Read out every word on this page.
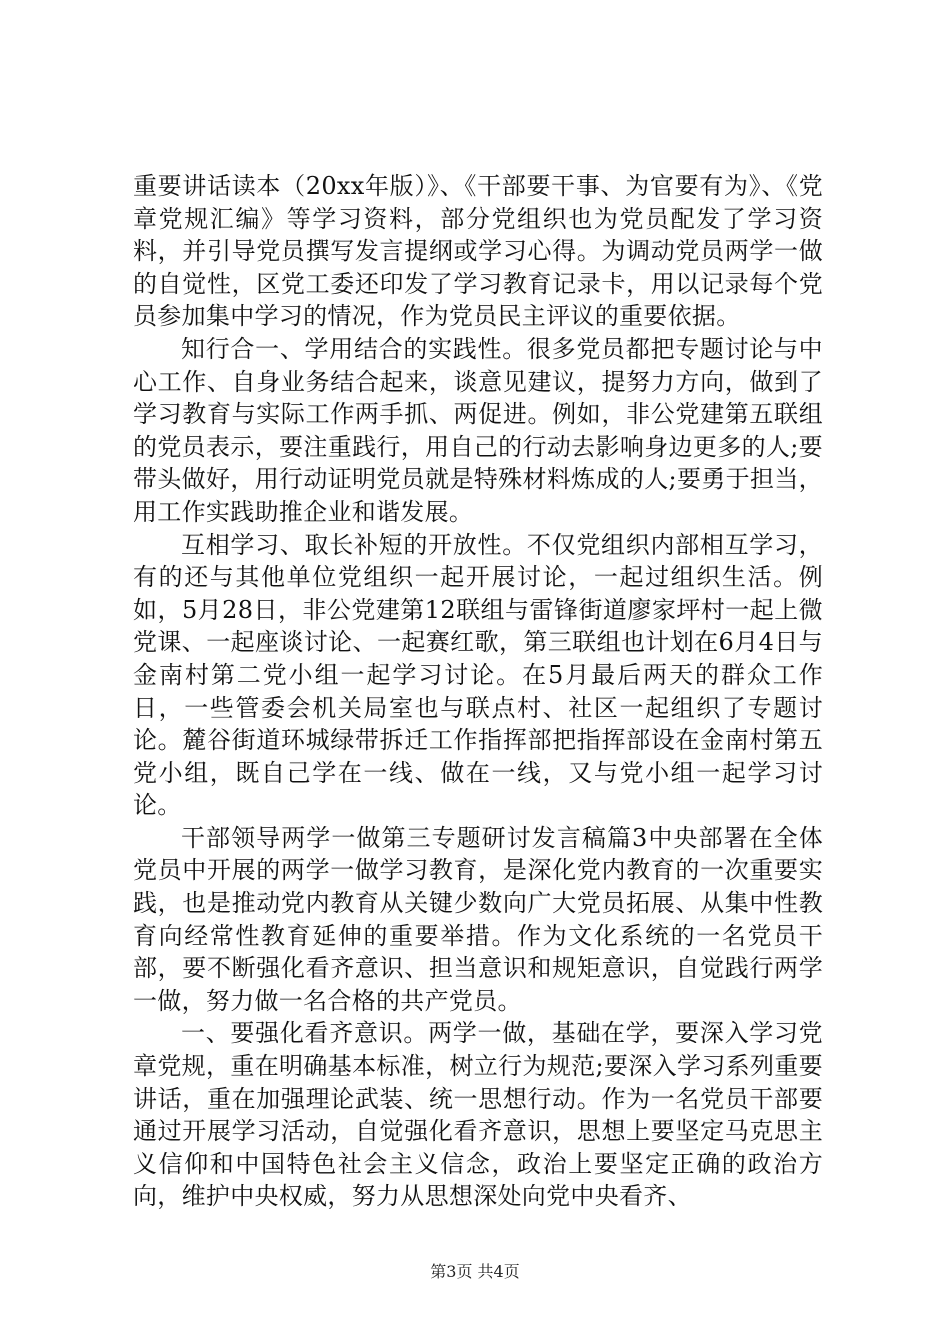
重要讲话读本（20xx年版）》、《干部要干事、为官要有为》、《党章党规汇编》等学习资料，部分党组织也为党员配发了学习资料，并引导党员撰写发言提纲或学习心得。为调动党员两学一做的自觉性，区党工委还印发了学习教育记录卡，用以记录每个党员参加集中学习的情况，作为党员民主评议的重要依据。

知行合一、学用结合的实践性。很多党员都把专题讨论与中心工作、自身业务结合起来，谈意见建议，提努力方向，做到了学习教育与实际工作两手抓、两促进。例如，非公党建第五联组的党员表示，要注重践行，用自己的行动去影响身边更多的人;要带头做好，用行动证明党员就是特殊材料炼成的人;要勇于担当，用工作实践助推企业和谐发展。

互相学习、取长补短的开放性。不仅党组织内部相互学习，有的还与其他单位党组织一起开展讨论，一起过组织生活。例如，5月28日，非公党建第12联组与雷锋街道廖家坪村一起上微党课、一起座谈讨论、一起赛红歌，第三联组也计划在6月4日与金南村第二党小组一起学习讨论。在5月最后两天的群众工作日，一些管委会机关局室也与联点村、社区一起组织了专题讨论。麓谷街道环城绿带拆迁工作指挥部把指挥部设在金南村第五党小组，既自己学在一线、做在一线，又与党小组一起学习讨论。

干部领导两学一做第三专题研讨发言稿篇3中央部署在全体党员中开展的两学一做学习教育，是深化党内教育的一次重要实践，也是推动党内教育从关键少数向广大党员拓展、从集中性教育向经常性教育延伸的重要举措。作为文化系统的一名党员干部，要不断强化看齐意识、担当意识和规矩意识，自觉践行两学一做，努力做一名合格的共产党员。

一、要强化看齐意识。两学一做，基础在学，要深入学习党章党规，重在明确基本标准，树立行为规范;要深入学习系列重要讲话，重在加强理论武装、统一思想行动。作为一名党员干部要通过开展学习活动，自觉强化看齐意识，思想上要坚定马克思主义信仰和中国特色社会主义信念，政治上要坚定正确的政治方向，维护中央权威，努力从思想深处向党中央看齐、

第3页 共4页
